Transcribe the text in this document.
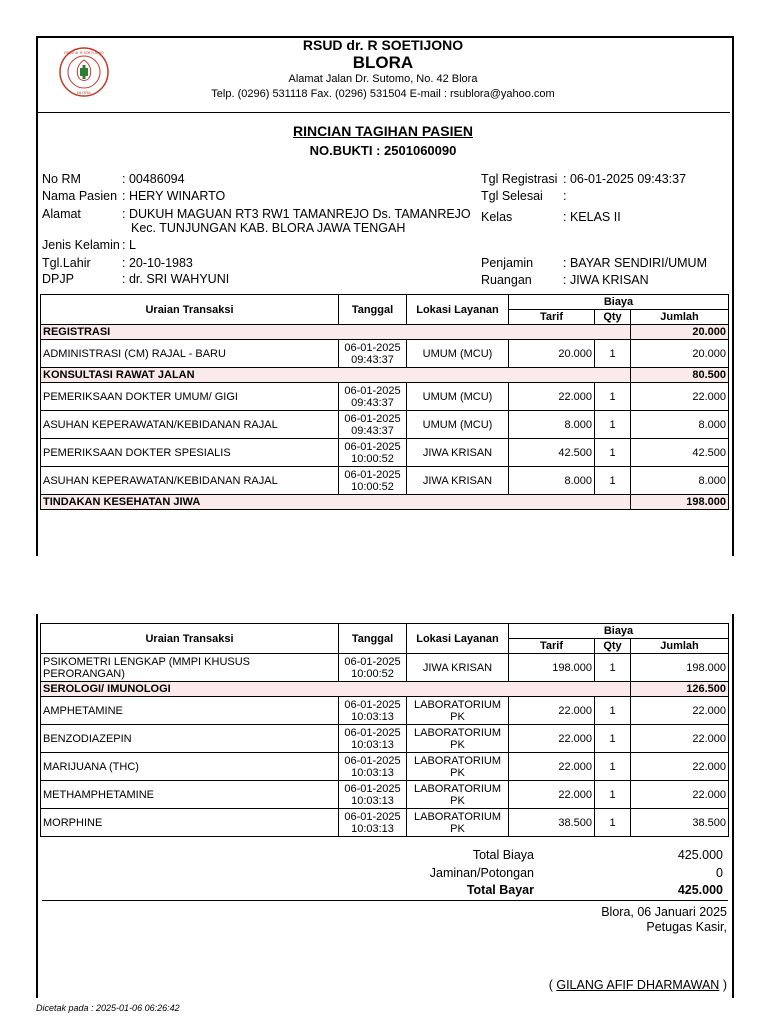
RSUD dr. R SOETIJONO
BLORA
RSUD dr. R SOETIJONO
BLORA
Alamat Jalan Dr. Sutomo, No. 42 Blora
Telp. (0296) 531118 Fax. (0296) 531504 E-mail : rsublora@yahoo.com
RINCIAN TAGIHAN PASIEN
NO.BUKTI : 2501060090
No RM	: 00486094
Nama Pasien : HERY WINARTO
Alamat	: DUKUH MAGUAN RT3 RW1 TAMANREJO Ds. TAMANREJO
Kec. TUNJUNGAN KAB. BLORA JAWA TENGAH
Jenis Kelamin : L
Tgl.Lahir	: 20-10-1983
DPJP	: dr. SRI WAHYUNI
Tgl Registrasi : 06-01-2025 09:43:37
Tgl Selesai :
Kelas	: KELAS II
Penjamin : BAYAR SENDIRI/UMUM
Ruangan	: JIWA KRISAN
Uraian Transaksi	Tanggal	Lokasi Layanan	Biaya		
			Tarif	Qty	Jumlah
REGISTRASI					20.000
ADMINISTRASI (CM) RAJAL - BARU	06-01-2025
09:43:37	UMUM (MCU)	20.000	1	20.000
KONSULTASI RAWAT JALAN					80.500
PEMERIKSAAN DOKTER UMUM/ GIGI	06-01-2025
09:43:37	UMUM (MCU)	22.000	1	22.000
ASUHAN KEPERAWATAN/KEBIDANAN RAJAL	06-01-2025
09:43:37	UMUM (MCU)	8.000	1	8.000
PEMERIKSAAN DOKTER SPESIALIS	06-01-2025
10:00:52	JIWA KRISAN	42.500	1	42.500
ASUHAN KEPERAWATAN/KEBIDANAN RAJAL	06-01-2025
10:00:52	JIWA KRISAN	8.000	1	8.000
TINDAKAN KESEHATAN JIWA					198.000
Uraian Transaksi	Tanggal	Lokasi Layanan	Biaya		
			Tarif	Qty	Jumlah
PSIKOMETRI LENGKAP (MMPI KHUSUS
PERORANGAN)	06-01-2025
10:00:52	JIWA KRISAN	198.000	1	198.000
SEROLOGI/ IMUNOLOGI					126.500
AMPHETAMINE	06-01-2025
10:03:13	LABORATORIUM
PK	22.000	1	22.000
BENZODIAZEPIN	06-01-2025
10:03:13	LABORATORIUM
PK	22.000	1	22.000
MARIJUANA (THC)	06-01-2025
10:03:13	LABORATORIUM
PK	22.000	1	22.000
METHAMPHETAMINE	06-01-2025
10:03:13	LABORATORIUM
PK	22.000	1	22.000
MORPHINE	06-01-2025
10:03:13	LABORATORIUM
PK	38.500	1	38.500
Total Biaya	425.000
Jaminan/Potongan	0
Total Bayar	425.000
Blora, 06 Januari 2025
Petugas Kasir,
( GILANG AFIF DHARMAWAN )
Dicetak pada : 2025-01-06 06:26:42
